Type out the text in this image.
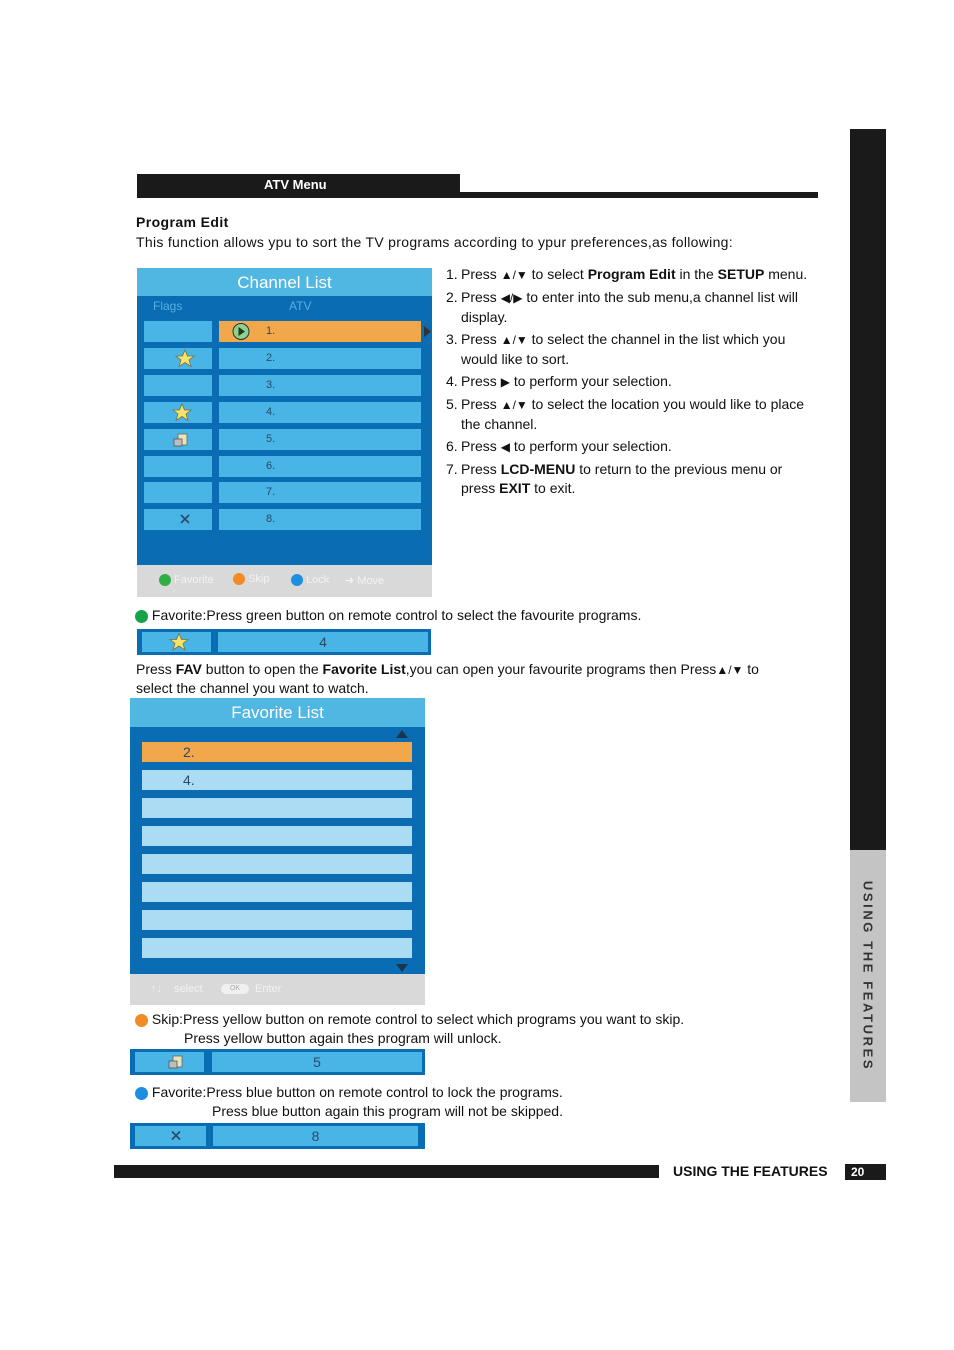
ATV Menu
USING THE FEATURES
Program Edit
This function allows ypu to sort the TV programs according to ypur preferences,as following:
Channel List
Flags	ATV
1.
2.
3.
4.
5.
6.
7.
8.
Favorite	Skip	Lock ➜ Move
1. Press ▲/▼ to select Program Edit in the SETUP menu.
2. Press ◀/▶ to enter into the sub menu,a channel list will display.
3. Press ▲/▼ to select the channel in the list which you would like to sort.
4. Press ▶ to perform your selection.
5. Press ▲/▼ to select the location you would like to place the channel.
6. Press ◀ to perform your selection.
7. Press LCD-MENU to return to the previous menu or press EXIT to exit.
Favorite:Press green button on remote control to select the favourite programs.
4
Press FAV button to open the Favorite List,you can open your favourite programs then Press▲/▼ to
select the channel you want to watch.
Favorite List
2.
4.
↑↓ select	OK	Enter
Skip:Press yellow button on remote control to select which programs you want to skip.
Press yellow button again thes program will unlock.
5
Favorite:Press blue button on remote control to lock the programs.
Press blue button again this program will not be skipped.
8
USING THE FEATURES	20
